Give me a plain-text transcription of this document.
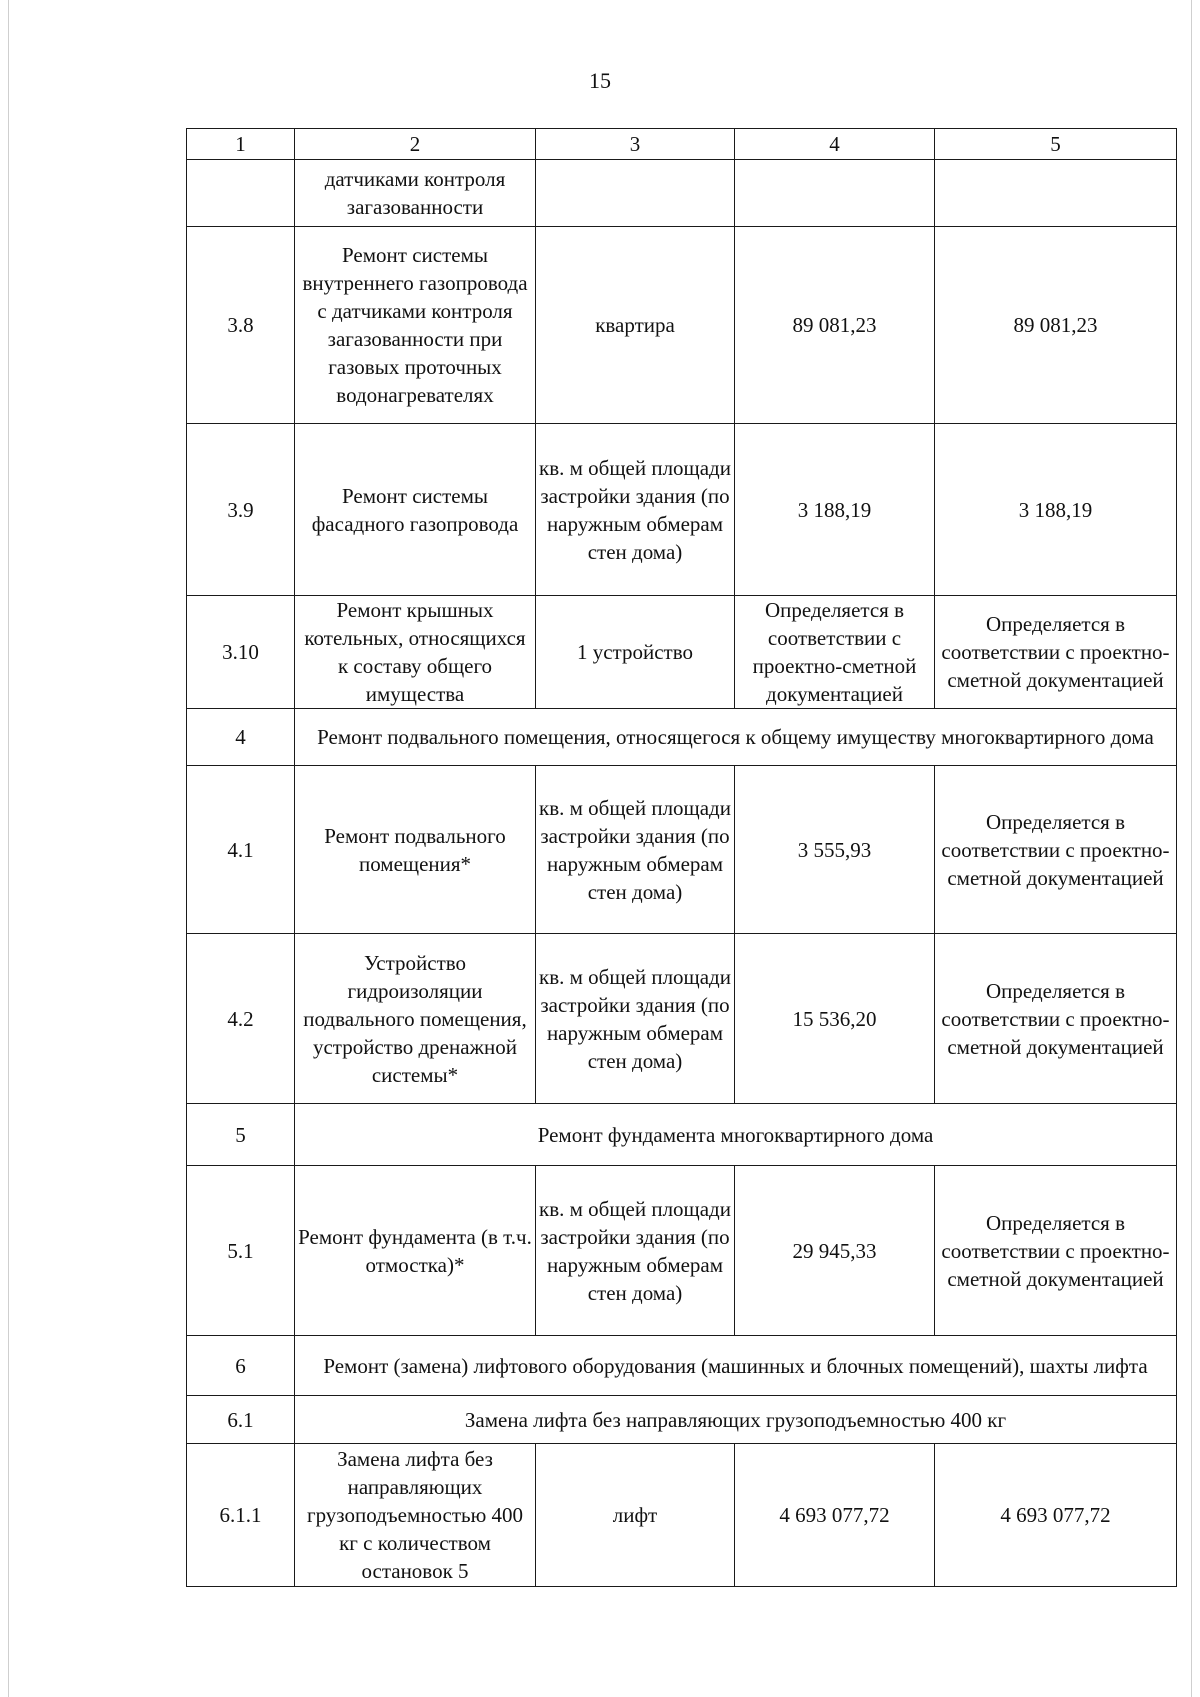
15
1	2	3	4	5
	датчиками контроля загазованности			
3.8	Ремонт системы внутреннего газопровода с датчиками контроля загазованности при газовых проточных водонагревателях	квартира	89 081,23	89 081,23
3.9	Ремонт системы фасадного газопровода	кв. м общей площади застройки здания (по наружным обмерам стен дома)	3 188,19	3 188,19
3.10	Ремонт крышных котельных, относящихся к составу общего имущества	1 устройство	Определяется в соответствии с проектно-сметной документацией	Определяется в соответствии с проектно-сметной документацией
4	Ремонт подвального помещения, относящегося к общему имуществу многоквартирного дома			
4.1	Ремонт подвального помещения*	кв. м общей площади застройки здания (по наружным обмерам стен дома)	3 555,93	Определяется в соответствии с проектно-сметной документацией
4.2	Устройство гидроизоляции подвального помещения, устройство дренажной системы*	кв. м общей площади застройки здания (по наружным обмерам стен дома)	15 536,20	Определяется в соответствии с проектно-сметной документацией
5	Ремонт фундамента многоквартирного дома			
5.1	Ремонт фундамента (в т.ч. отмостка)*	кв. м общей площади застройки здания (по наружным обмерам стен дома)	29 945,33	Определяется в соответствии с проектно-сметной документацией
6	Ремонт (замена) лифтового оборудования (машинных и блочных помещений), шахты лифта			
6.1	Замена лифта без направляющих грузоподъемностью 400 кг			
6.1.1	Замена лифта без направляющих грузоподъемностью 400 кг с количеством остановок 5	лифт	4 693 077,72	4 693 077,72
